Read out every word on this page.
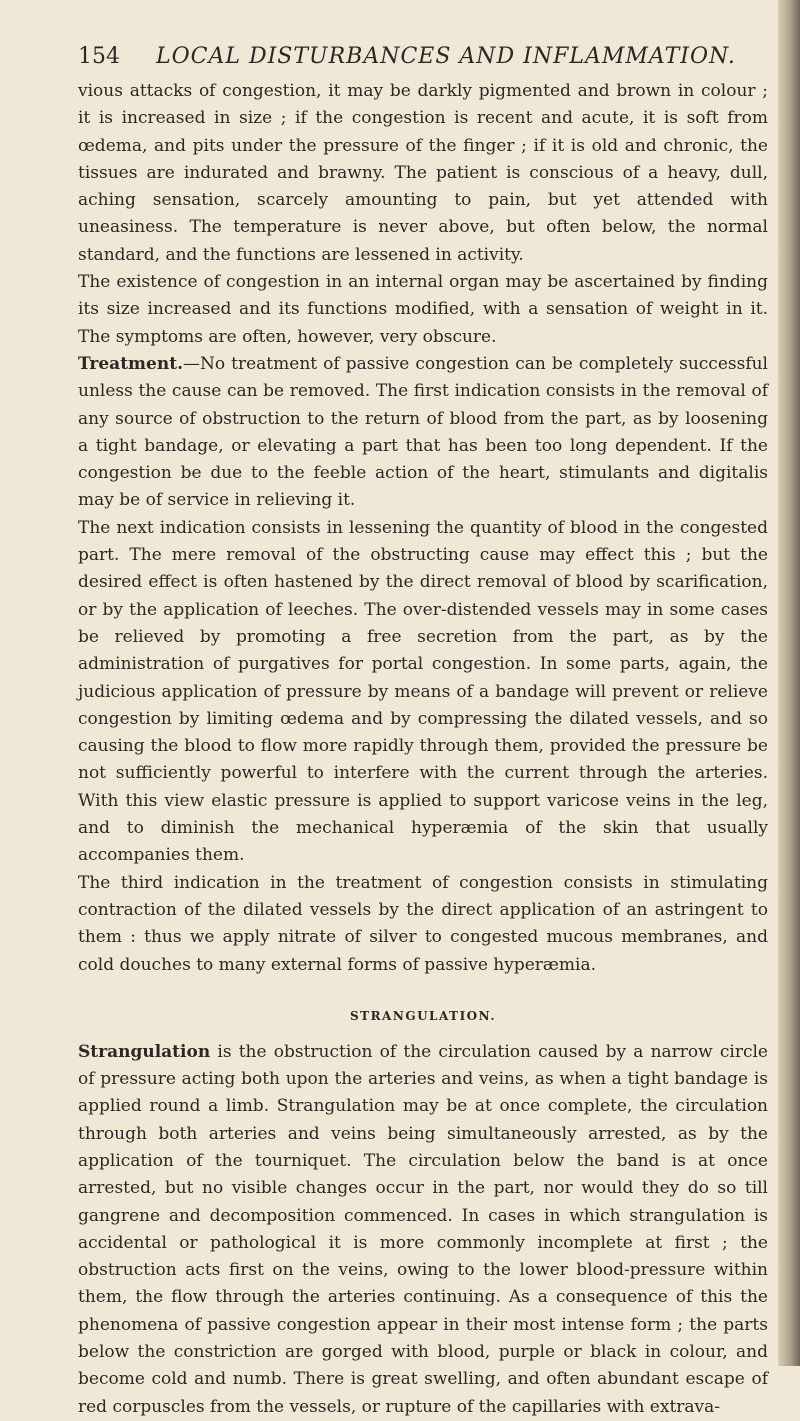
154 LOCAL DISTURBANCES AND INFLAMMATION.

vious attacks of congestion, it may be darkly pigmented and brown in colour ; it is increased in size ; if the congestion is recent and acute, it is soft from œdema, and pits under the pressure of the finger ; if it is old and chronic, the tissues are indurated and brawny. The patient is conscious of a heavy, dull, aching sensation, scarcely amounting to pain, but yet attended with uneasiness. The temperature is never above, but often below, the normal standard, and the functions are lessened in activity.

The existence of congestion in an internal organ may be ascertained by finding its size increased and its functions modified, with a sensation of weight in it. The symptoms are often, however, very obscure.

Treatment.—No treatment of passive congestion can be completely successful unless the cause can be removed. The first indication consists in the removal of any source of obstruction to the return of blood from the part, as by loosening a tight bandage, or elevating a part that has been too long dependent. If the congestion be due to the feeble action of the heart, stimulants and digitalis may be of service in relieving it.

The next indication consists in lessening the quantity of blood in the congested part. The mere removal of the obstructing cause may effect this ; but the desired effect is often hastened by the direct removal of blood by scarification, or by the application of leeches. The over-distended vessels may in some cases be relieved by promoting a free secretion from the part, as by the administration of purgatives for portal congestion. In some parts, again, the judicious application of pressure by means of a bandage will prevent or relieve congestion by limiting œdema and by compressing the dilated vessels, and so causing the blood to flow more rapidly through them, provided the pressure be not sufficiently powerful to interfere with the current through the arteries. With this view elastic pressure is applied to support varicose veins in the leg, and to diminish the mechanical hyperæmia of the skin that usually accompanies them.

The third indication in the treatment of congestion consists in stimulating contraction of the dilated vessels by the direct application of an astringent to them : thus we apply nitrate of silver to congested mucous membranes, and cold douches to many external forms of passive hyperæmia.

STRANGULATION.

Strangulation is the obstruction of the circulation caused by a narrow circle of pressure acting both upon the arteries and veins, as when a tight bandage is applied round a limb. Strangulation may be at once complete, the circulation through both arteries and veins being simultaneously arrested, as by the application of the tourniquet. The circulation below the band is at once arrested, but no visible changes occur in the part, nor would they do so till gangrene and decomposition commenced. In cases in which strangulation is accidental or pathological it is more commonly incomplete at first ; the obstruction acts first on the veins, owing to the lower blood-pressure within them, the flow through the arteries continuing. As a consequence of this the phenomena of passive congestion appear in their most intense form ; the parts below the constriction are gorged with blood, purple or black in colour, and become cold and numb. There is great swelling, and often abundant escape of red corpuscles from the vessels, or rupture of the capillaries with extrava-
